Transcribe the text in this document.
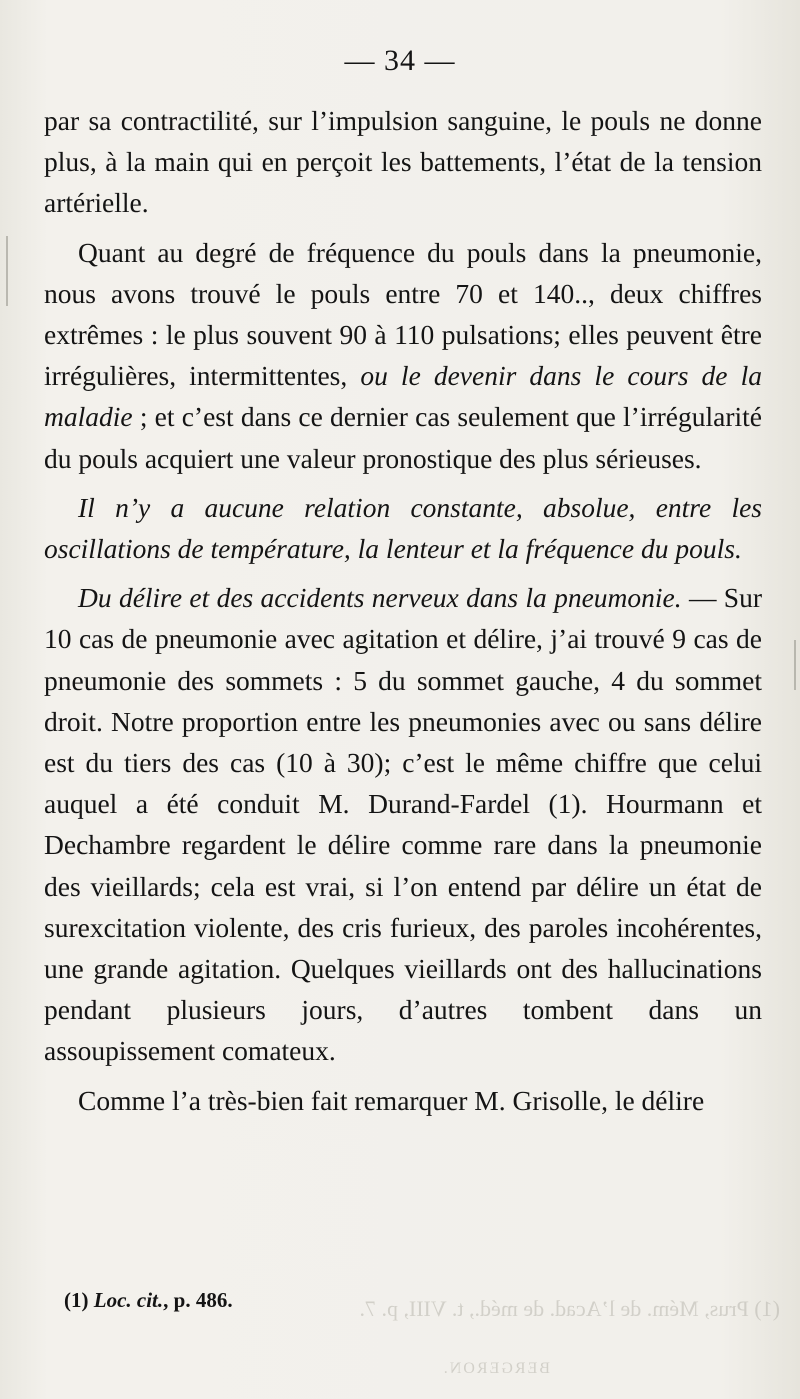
(1) Prus, Mém. de l’Acad. de méd., t. VIII, p. 7.
BERGERON.
— 34 —

par sa contractilité, sur l’impulsion sanguine, le pouls ne donne plus, à la main qui en perçoit les battements, l’état de la tension artérielle.

Quant au degré de fréquence du pouls dans la pneumonie, nous avons trouvé le pouls entre 70 et 140.., deux chiffres extrêmes : le plus souvent 90 à 110 pulsations; elles peuvent être irrégulières, intermittentes, ou le devenir dans le cours de la maladie ; et c’est dans ce dernier cas seulement que l’irrégularité du pouls acquiert une valeur pronostique des plus sérieuses.

Il n’y a aucune relation constante, absolue, entre les oscillations de température, la lenteur et la fréquence du pouls.

Du délire et des accidents nerveux dans la pneumonie. — Sur 10 cas de pneumonie avec agitation et délire, j’ai trouvé 9 cas de pneumonie des sommets : 5 du sommet gauche, 4 du sommet droit. Notre proportion entre les pneumonies avec ou sans délire est du tiers des cas (10 à 30); c’est le même chiffre que celui auquel a été conduit M. Durand-Fardel (1). Hourmann et Dechambre regardent le délire comme rare dans la pneumonie des vieillards; cela est vrai, si l’on entend par délire un état de surexcitation violente, des cris furieux, des paroles incohérentes, une grande agitation. Quelques vieillards ont des hallucinations pendant plusieurs jours, d’autres tombent dans un assoupissement comateux.

Comme l’a très-bien fait remarquer M. Grisolle, le délire

(1) Loc. cit., p. 486.
